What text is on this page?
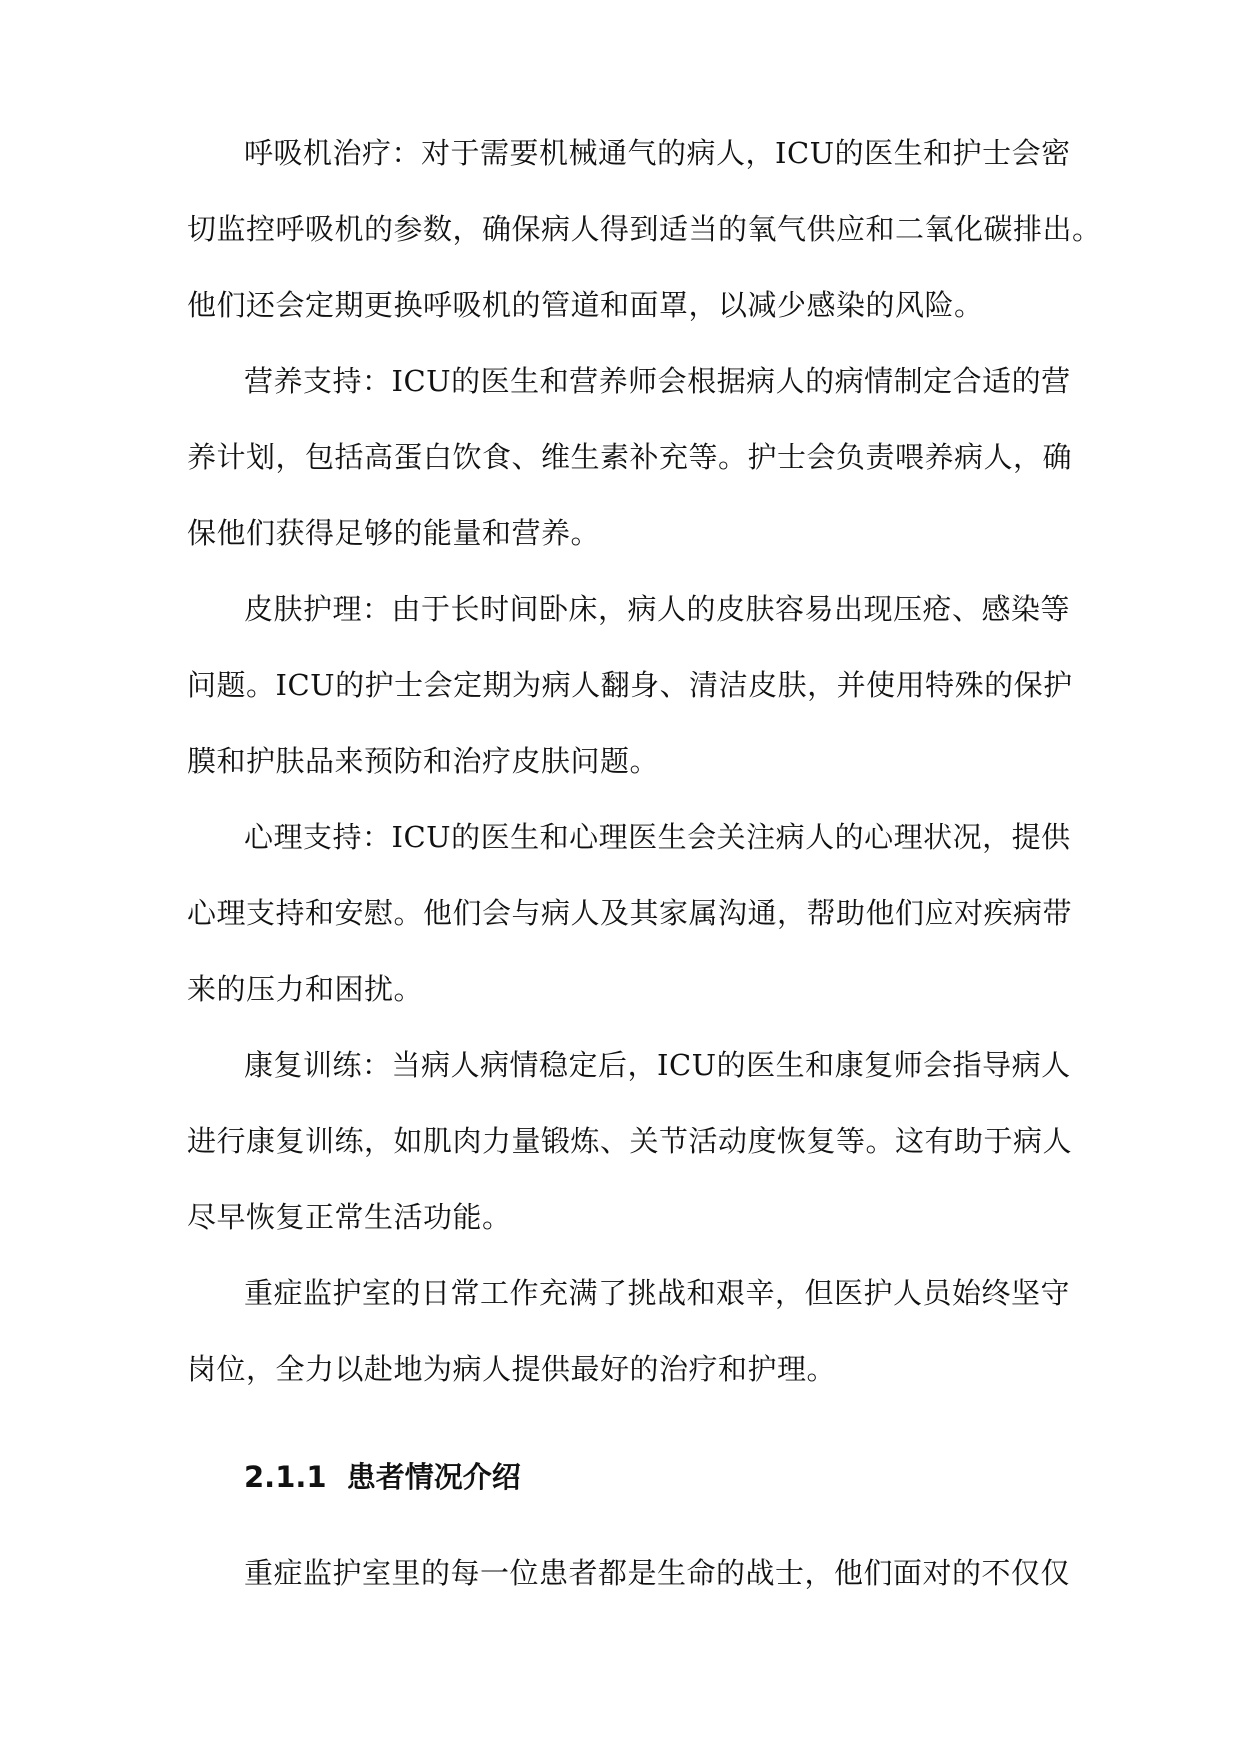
呼吸机治疗：对于需要机械通气的病人，ICU的医生和护士会密
切监控呼吸机的参数，确保病人得到适当的氧气供应和二氧化碳排出。
他们还会定期更换呼吸机的管道和面罩，以减少感染的风险。
营养支持：ICU的医生和营养师会根据病人的病情制定合适的营
养计划，包括高蛋白饮食、维生素补充等。护士会负责喂养病人，确
保他们获得足够的能量和营养。
皮肤护理：由于长时间卧床，病人的皮肤容易出现压疮、感染等
问题。ICU的护士会定期为病人翻身、清洁皮肤，并使用特殊的保护
膜和护肤品来预防和治疗皮肤问题。
心理支持：ICU的医生和心理医生会关注病人的心理状况，提供
心理支持和安慰。他们会与病人及其家属沟通，帮助他们应对疾病带
来的压力和困扰。
康复训练：当病人病情稳定后，ICU的医生和康复师会指导病人
进行康复训练，如肌肉力量锻炼、关节活动度恢复等。这有助于病人
尽早恢复正常生活功能。
重症监护室的日常工作充满了挑战和艰辛，但医护人员始终坚守
岗位，全力以赴地为病人提供最好的治疗和护理。
2.1.1 患者情况介绍
重症监护室里的每一位患者都是生命的战士，他们面对的不仅仅
